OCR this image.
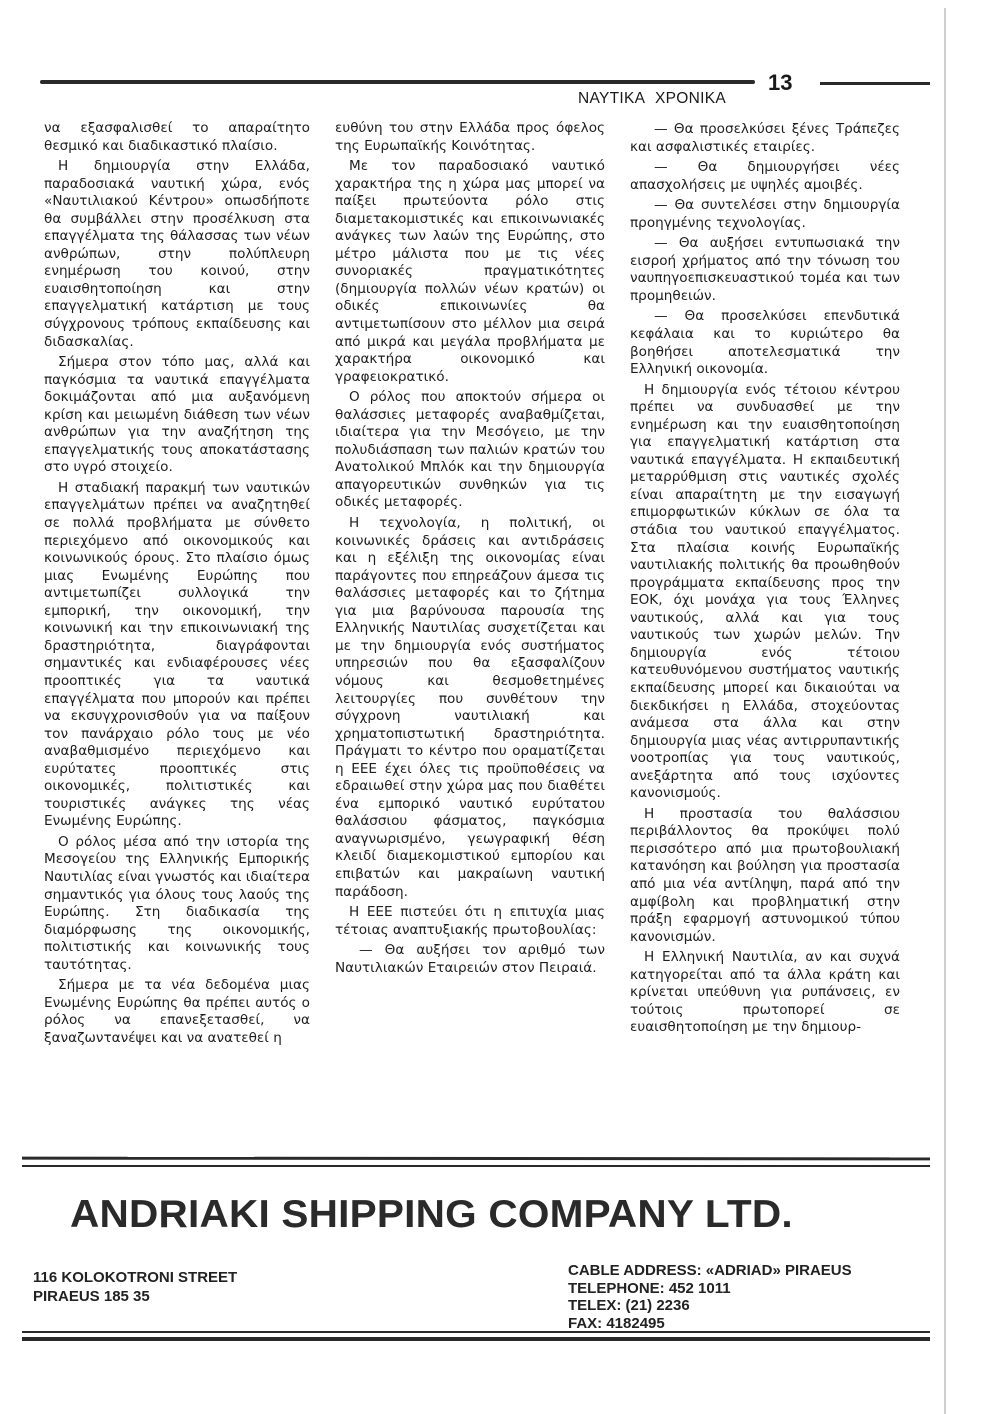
13
ΝΑΥΤΙΚΑ ΧΡΟΝΙΚΑ

να εξασφαλισθεί το απαραίτητο θεσμικό και διαδικαστικό πλαίσιο.

Η δημιουργία στην Ελλάδα, παραδοσιακά ναυτική χώρα, ενός «Ναυτιλιακού Κέντρου» οπωσδήποτε θα συμβάλλει στην προσέλκυση στα επαγγέλματα της θάλασσας των νέων ανθρώπων, στην πολύπλευρη ενημέρωση του κοινού, στην ευαισθητοποίηση και στην επαγγελματική κατάρτιση με τους σύγχρονους τρόπους εκπαίδευσης και διδασκαλίας.

Σήμερα στον τόπο μας, αλλά και παγκόσμια τα ναυτικά επαγγέλματα δοκιμάζονται από μια αυξανόμενη κρίση και μειωμένη διάθεση των νέων ανθρώπων για την αναζήτηση της επαγγελματικής τους αποκατάστασης στο υγρό στοιχείο.

Η σταδιακή παρακμή των ναυτικών επαγγελμάτων πρέπει να αναζητηθεί σε πολλά προβλήματα με σύνθετο περιεχόμενο από οικονομικούς και κοινωνικούς όρους. Στο πλαίσιο όμως μιας Ενωμένης Ευρώπης που αντιμετωπίζει συλλογικά την εμπορική, την οικονομική, την κοινωνική και την επικοινωνιακή της δραστηριότητα, διαγράφονται σημαντικές και ενδιαφέρουσες νέες προοπτικές για τα ναυτικά επαγγέλματα που μπορούν και πρέπει να εκσυγχρονισθούν για να παίξουν τον πανάρχαιο ρόλο τους με νέο αναβαθμισμένο περιεχόμενο και ευρύτατες προοπτικές στις οικονομικές, πολιτιστικές και τουριστικές ανάγκες της νέας Ενωμένης Ευρώπης.

Ο ρόλος μέσα από την ιστορία της Μεσογείου της Ελληνικής Εμπορικής Ναυτιλίας είναι γνωστός και ιδιαίτερα σημαντικός για όλους τους λαούς της Ευρώπης. Στη διαδικασία της διαμόρφωσης της οικονομικής, πολιτιστικής και κοινωνικής τους ταυτότητας.

Σήμερα με τα νέα δεδομένα μιας Ενωμένης Ευρώπης θα πρέπει αυτός ο ρόλος να επανεξετασθεί, να ξαναζωντανέψει και να ανατεθεί η

ευθύνη του στην Ελλάδα προς όφελος της Ευρωπαϊκής Κοινότητας.

Με τον παραδοσιακό ναυτικό χαρακτήρα της η χώρα μας μπορεί να παίξει πρωτεύοντα ρόλο στις διαμετακομιστικές και επικοινωνιακές ανάγκες των λαών της Ευρώπης, στο μέτρο μάλιστα που με τις νέες συνοριακές πραγματικότητες (δημιουργία πολλών νέων κρατών) οι οδικές επικοινωνίες θα αντιμετωπίσουν στο μέλλον μια σειρά από μικρά και μεγάλα προβλήματα με χαρακτήρα οικονομικό και γραφειοκρατικό.

Ο ρόλος που αποκτούν σήμερα οι θαλάσσιες μεταφορές αναβαθμίζεται, ιδιαίτερα για την Μεσόγειο, με την πολυδιάσπαση των παλιών κρατών του Ανατολικού Μπλόκ και την δημιουργία απαγορευτικών συνθηκών για τις οδικές μεταφορές.

Η τεχνολογία, η πολιτική, οι κοινωνικές δράσεις και αντιδράσεις και η εξέλιξη της οικονομίας είναι παράγοντες που επηρεάζουν άμεσα τις θαλάσσιες μεταφορές και το ζήτημα για μια βαρύνουσα παρουσία της Ελληνικής Ναυτιλίας συσχετίζεται και με την δημιουργία ενός συστήματος υπηρεσιών που θα εξασφαλίζουν νόμους και θεσμοθετημένες λειτουργίες που συνθέτουν την σύγχρονη ναυτιλιακή και χρηματοπιστωτική δραστηριότητα. Πράγματι το κέντρο που οραματίζεται η ΕΕΕ έχει όλες τις προϋποθέσεις να εδραιωθεί στην χώρα μας που διαθέτει ένα εμπορικό ναυτικό ευρύτατου θαλάσσιου φάσματος, παγκόσμια αναγνωρισμένο, γεωγραφική θέση κλειδί διαμεκομιστικού εμπορίου και επιβατών και μακραίωνη ναυτική παράδοση.

Η ΕΕΕ πιστεύει ότι η επιτυχία μιας τέτοιας αναπτυξιακής πρωτοβουλίας:

— Θα αυξήσει τον αριθμό των Ναυτιλιακών Εταιρειών στον Πειραιά.

— Θα προσελκύσει ξένες Τράπεζες και ασφαλιστικές εταιρίες.

— Θα δημιουργήσει νέες απασχολήσεις με υψηλές αμοιβές.

— Θα συντελέσει στην δημιουργία προηγμένης τεχνολογίας.

— Θα αυξήσει εντυπωσιακά την εισροή χρήματος από την τόνωση του ναυπηγοεπισκευαστικού τομέα και των προμηθειών.

— Θα προσελκύσει επενδυτικά κεφάλαια και το κυριώτερο θα βοηθήσει αποτελεσματικά την Ελληνική οικονομία.

Η δημιουργία ενός τέτοιου κέντρου πρέπει να συνδυασθεί με την ενημέρωση και την ευαισθητοποίηση για επαγγελματική κατάρτιση στα ναυτικά επαγγέλματα. Η εκπαιδευτική μεταρρύθμιση στις ναυτικές σχολές είναι απαραίτητη με την εισαγωγή επιμορφωτικών κύκλων σε όλα τα στάδια του ναυτικού επαγγέλματος. Στα πλαίσια κοινής Ευρωπαϊκής ναυτιλιακής πολιτικής θα προωθηθούν προγράμματα εκπαίδευσης προς την ΕΟΚ, όχι μονάχα για τους Έλληνες ναυτικούς, αλλά και για τους ναυτικούς των χωρών μελών. Την δημιουργία ενός τέτοιου κατευθυνόμενου συστήματος ναυτικής εκπαίδευσης μπορεί και δικαιούται να διεκδικήσει η Ελλάδα, στοχεύοντας ανάμεσα στα άλλα και στην δημιουργία μιας νέας αντιρρυπαντικής νοοτροπίας για τους ναυτικούς, ανεξάρτητα από τους ισχύοντες κανονισμούς.

Η προστασία του θαλάσσιου περιβάλλοντος θα προκύψει πολύ περισσότερο από μια πρωτοβουλιακή κατανόηση και βούληση για προστασία από μια νέα αντίληψη, παρά από την αμφίβολη και προβληματική στην πράξη εφαρμογή αστυνομικού τύπου κανονισμών.

Η Ελληνική Ναυτιλία, αν και συχνά κατηγορείται από τα άλλα κράτη και κρίνεται υπεύθυνη για ρυπάνσεις, εν τούτοις πρωτοπορεί σε ευαισθητοποίηση με την δημιουρ-

ANDRIAKI SHIPPING COMPANY LTD.
116 KOLOKOTRONI STREET
PIRAEUS 185 35
CABLE ADDRESS: «ADRIAD» PIRAEUS
TELEPHONE: 452 1011
TELEX: (21) 2236
FAX: 4182495
